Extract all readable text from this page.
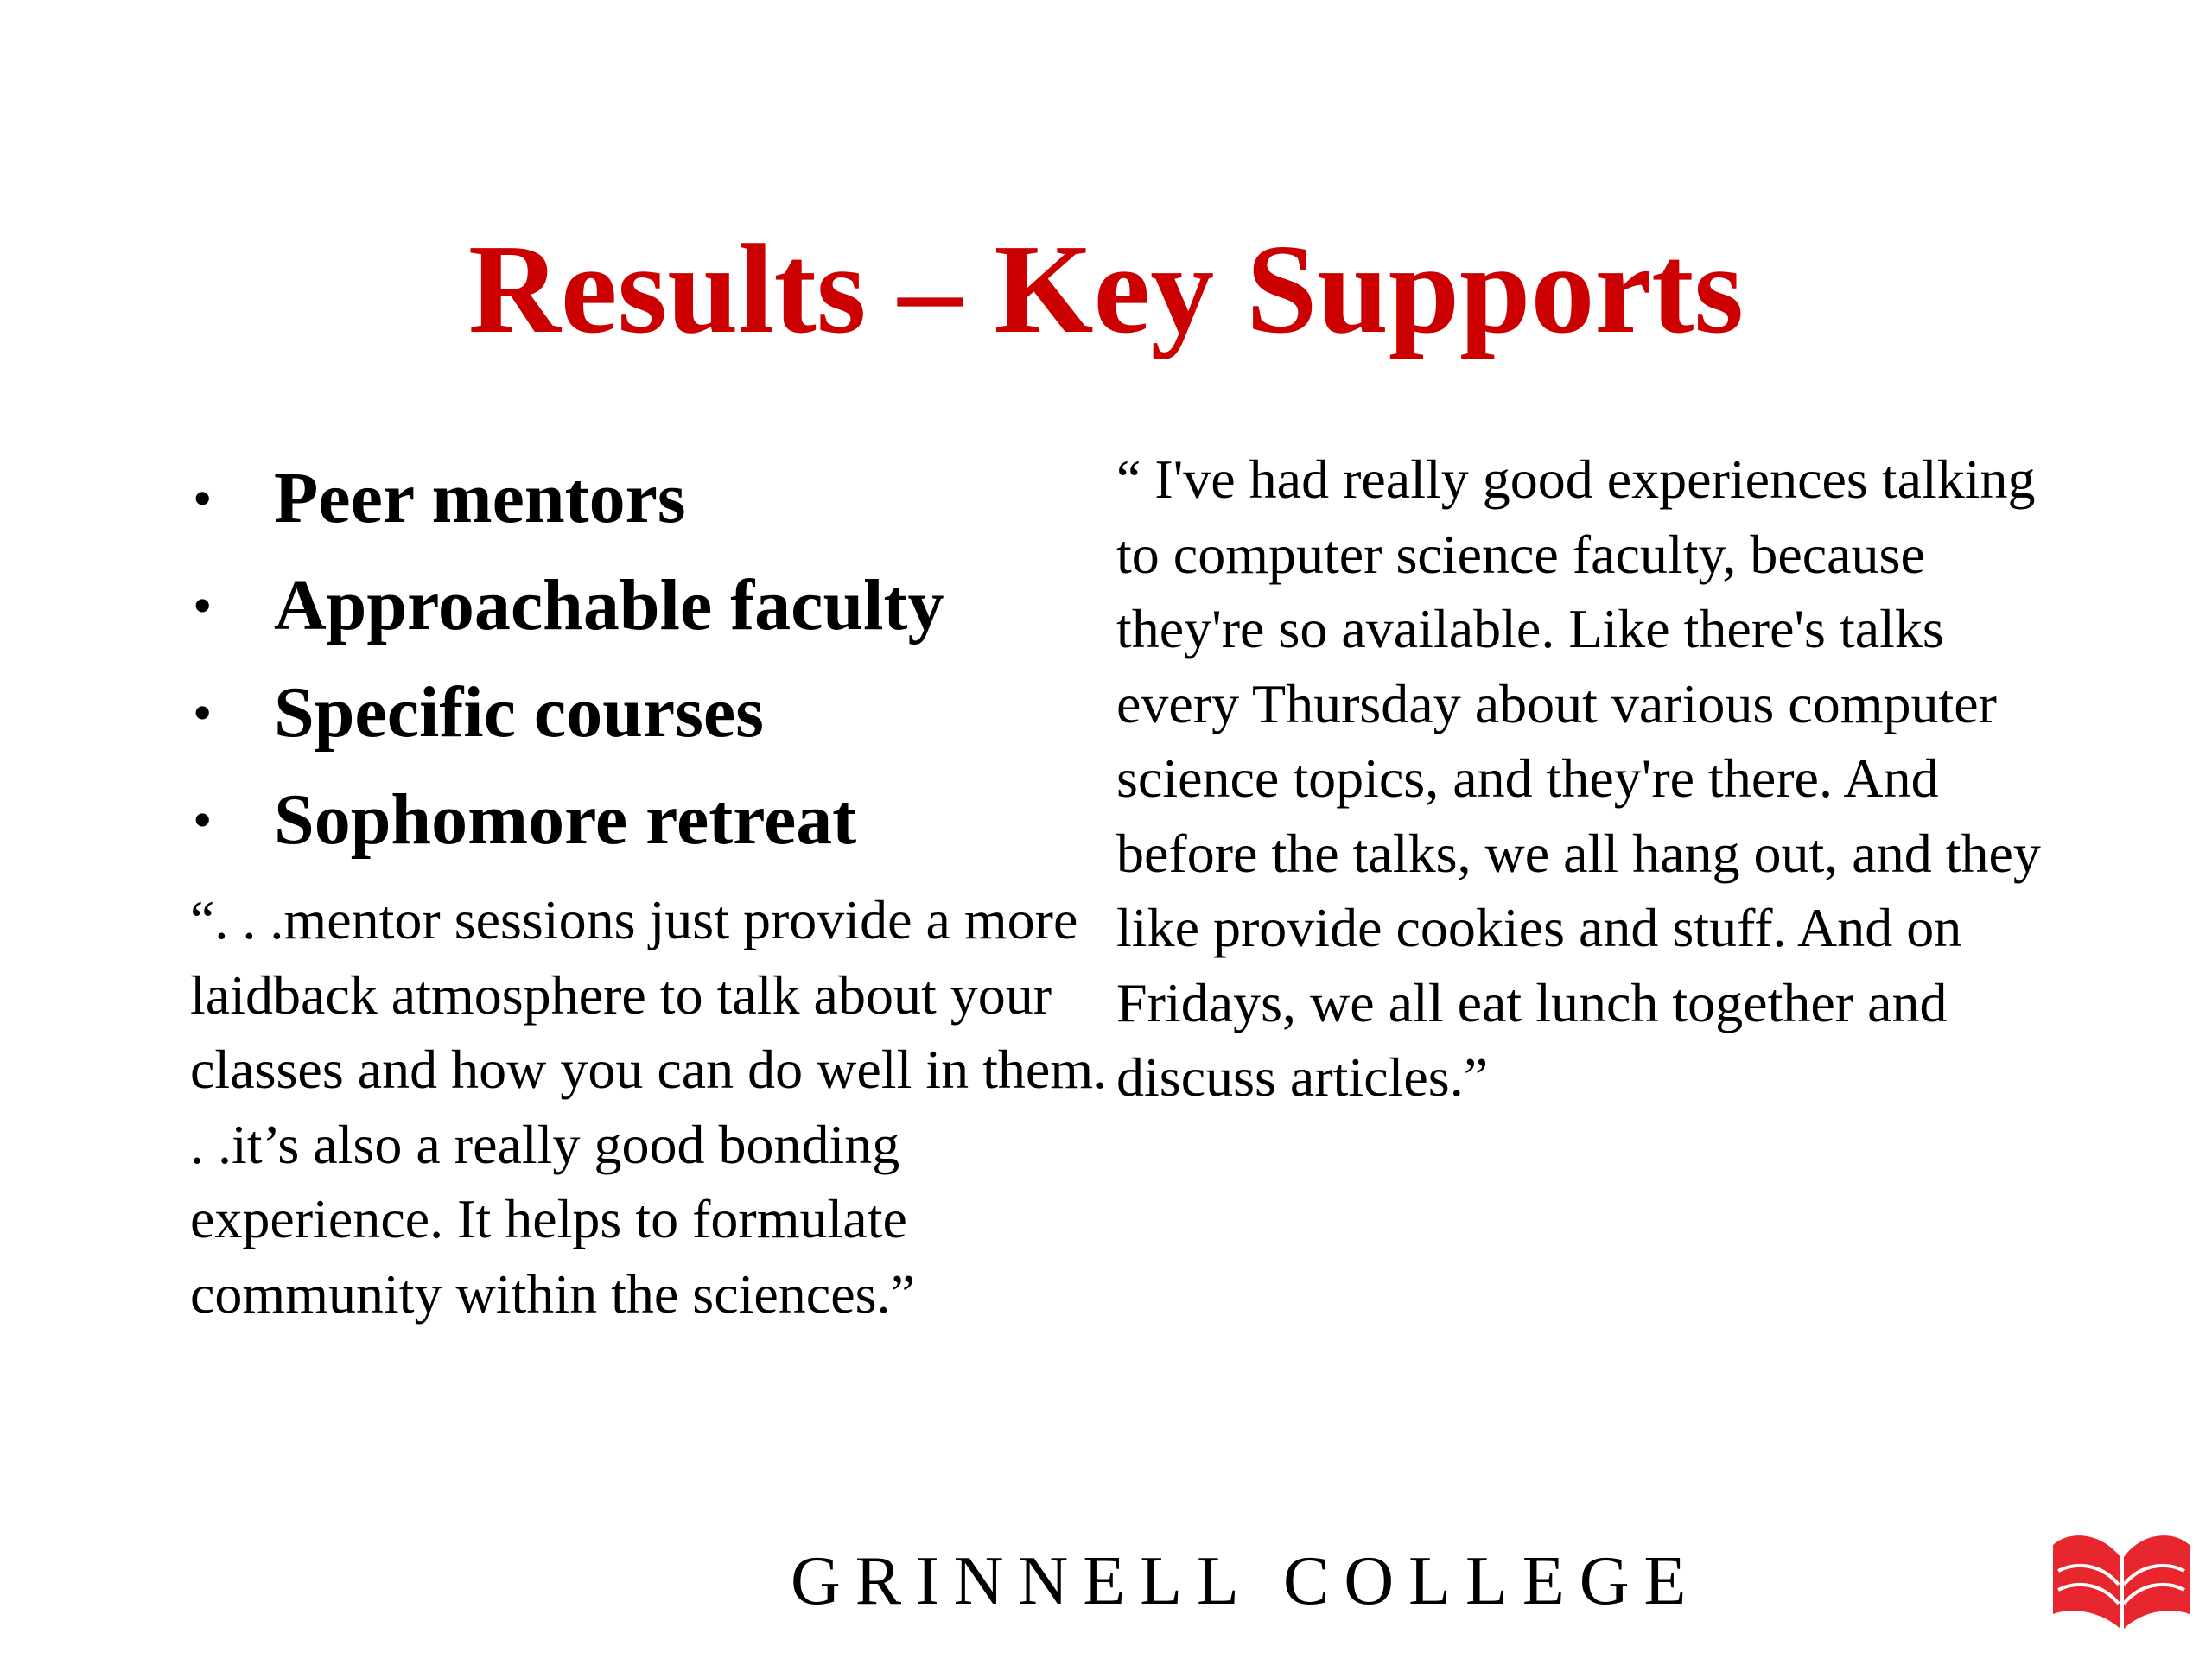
Results – Key Supports
• Peer mentors
• Approachable faculty
• Specific courses
• Sophomore retreat

“. . .mentor sessions just provide a more laidback atmosphere to talk about your classes and how you can do well in them. . .it’s also a really good bonding experience. It helps to formulate community within the sciences.”

“ I've had really good experiences talking to computer science faculty, because they're so available. Like there's talks every Thursday about various computer science topics, and they're there. And before the talks, we all hang out, and they like provide cookies and stuff. And on Fridays, we all eat lunch together and discuss articles.”

GRINNELL COLLEGE
